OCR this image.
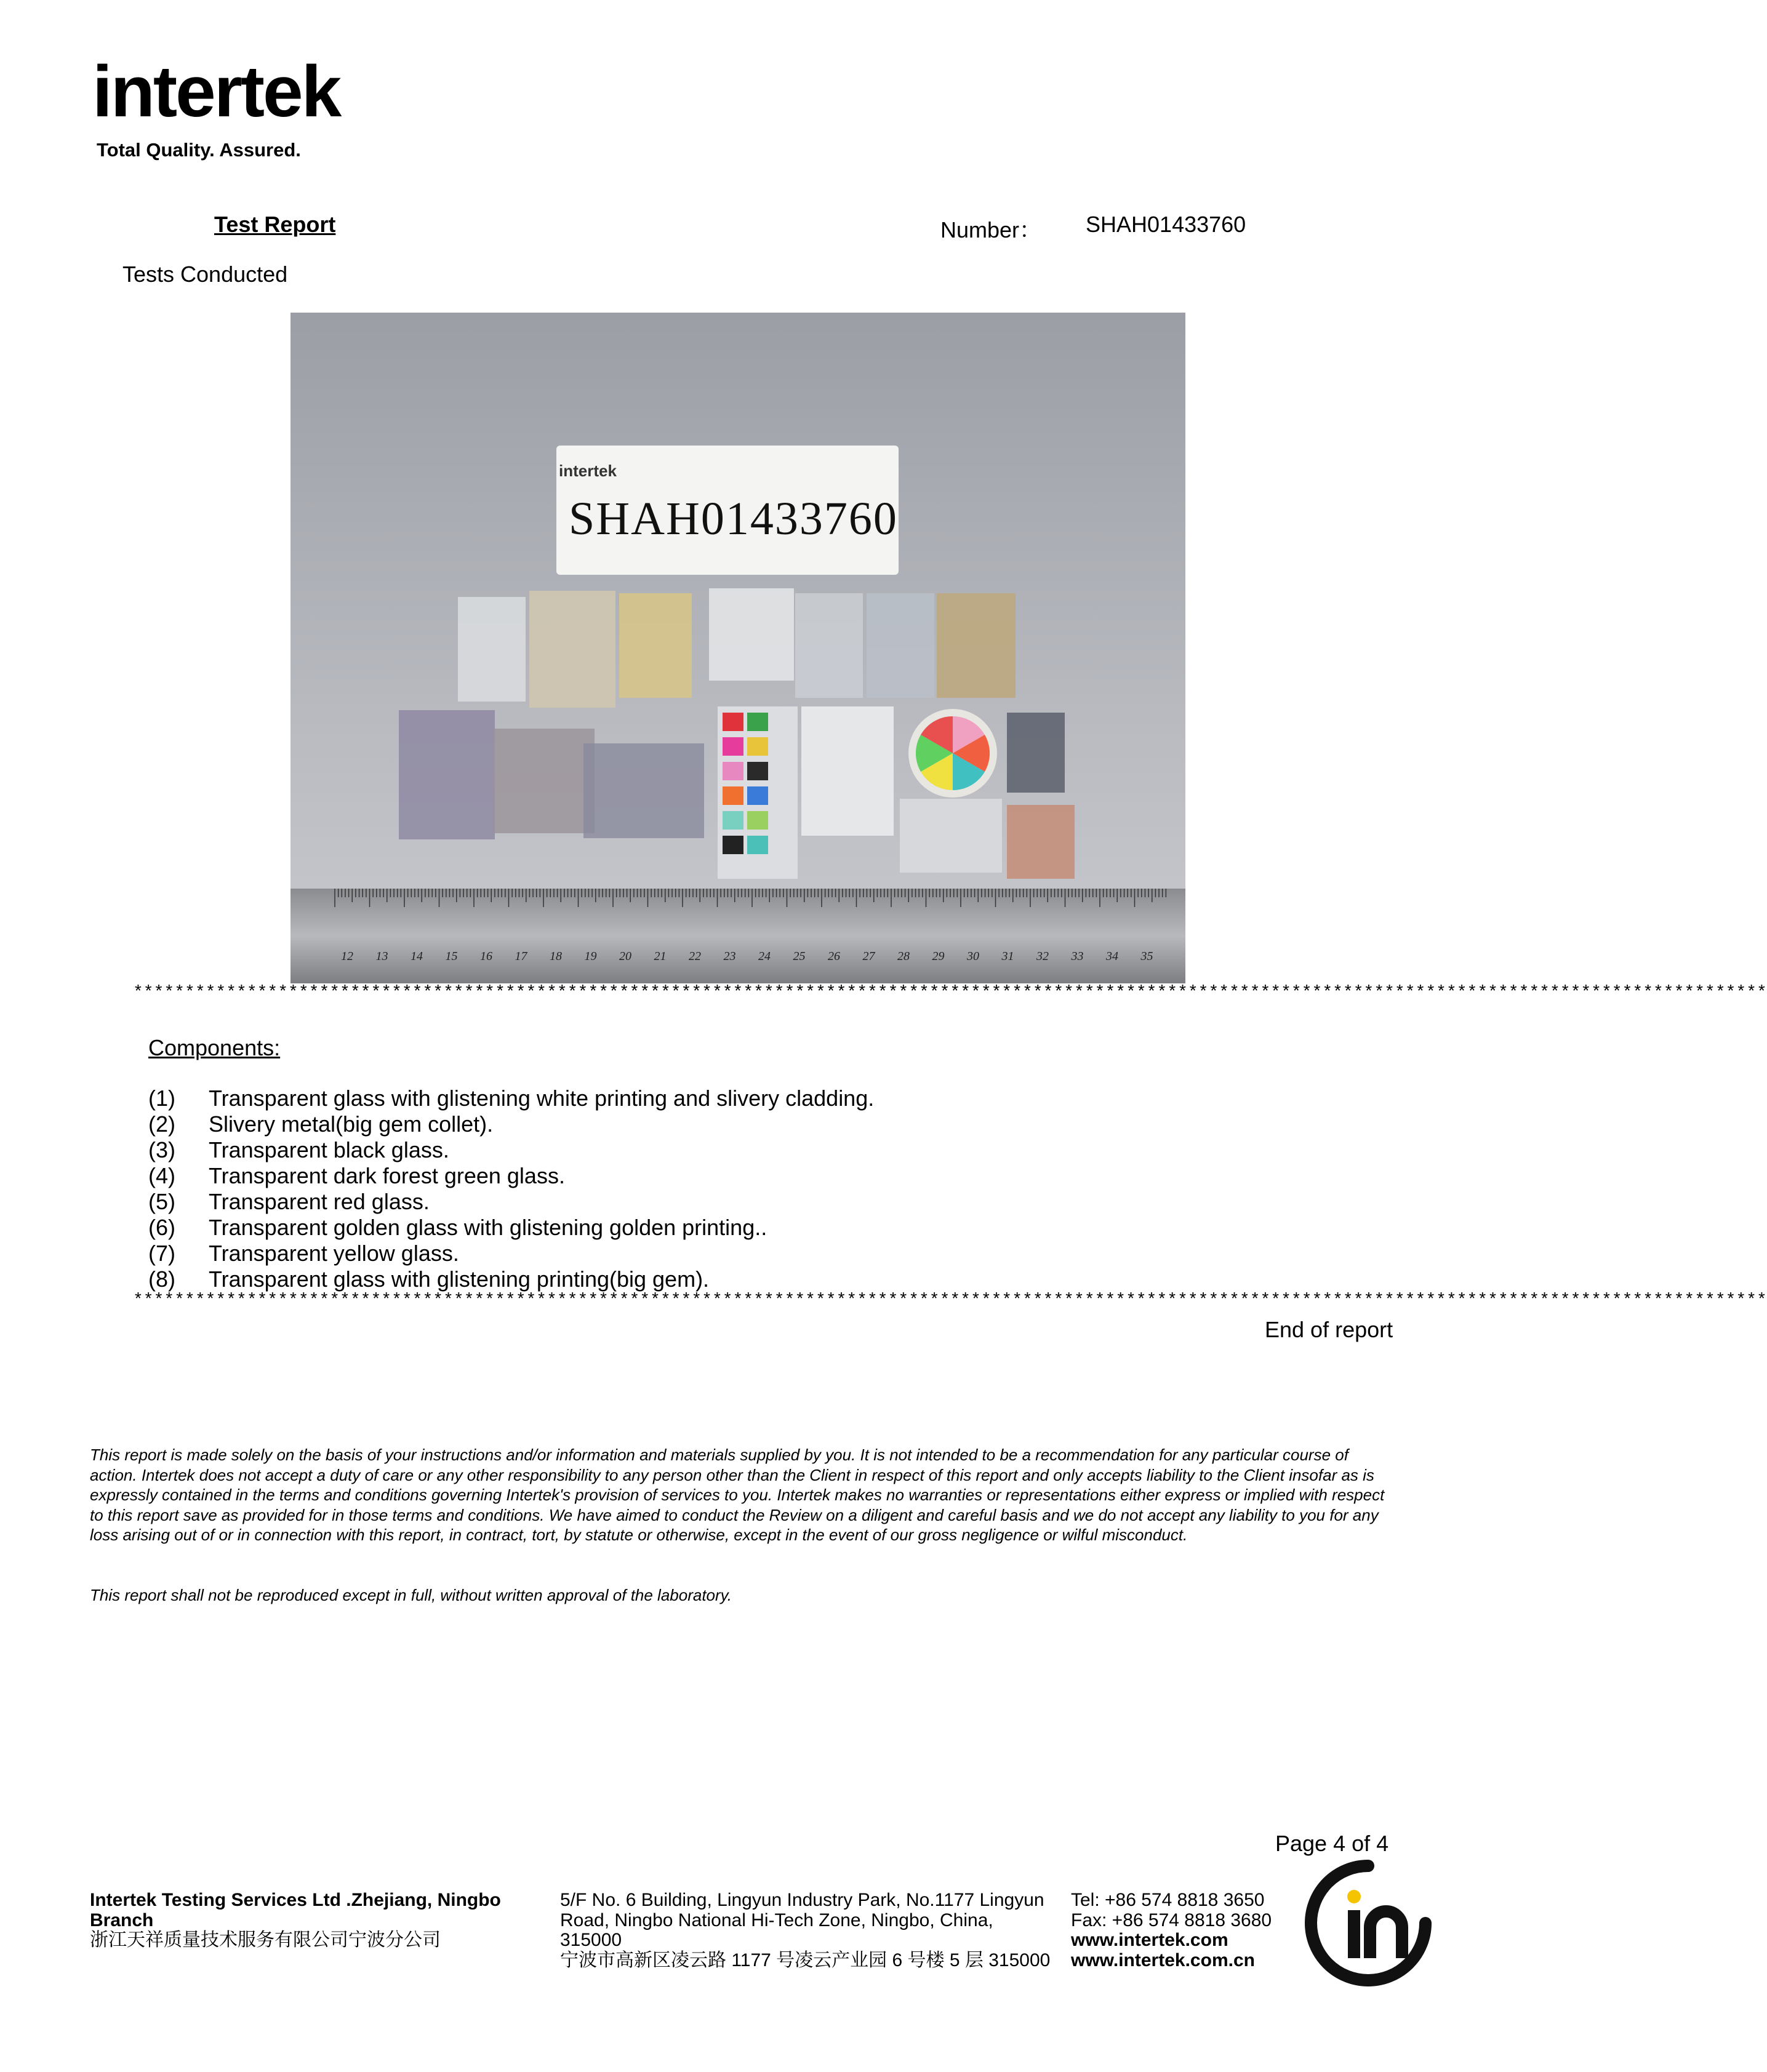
intertek
Total Quality. Assured.
Test Report	Number： SHAH01433760
Tests Conducted
intertek
SHAH01433760
12 13 14 15 16 17 18 19 20 21 22 23 24 25 26 27 28 29 30 31 32 33 34 35
**************************************************************************************************************************************************************
Components:
(1) Transparent glass with glistening white printing and slivery cladding.
(2) Slivery metal(big gem collet).
(3) Transparent black glass.
(4) Transparent dark forest green glass.
(5) Transparent red glass.
(6) Transparent golden glass with glistening golden printing..
(7) Transparent yellow glass.
(8) Transparent glass with glistening printing(big gem).
**************************************************************************************************************************************************************
End of report
This report is made solely on the basis of your instructions and/or information and materials supplied by you. It is not intended to be a recommendation for any particular course of action. Intertek does not accept a duty of care or any other responsibility to any person other than the Client in respect of this report and only accepts liability to the Client insofar as is expressly contained in the terms and conditions governing Intertek's provision of services to you. Intertek makes no warranties or representations either express or implied with respect to this report save as provided for in those terms and conditions. We have aimed to conduct the Review on a diligent and careful basis and we do not accept any liability to you for any loss arising out of or in connection with this report, in contract, tort, by statute or otherwise, except in the event of our gross negligence or wilful misconduct.
This report shall not be reproduced except in full, without written approval of the laboratory.
Page 4 of 4
Intertek Testing Services Ltd .Zhejiang, Ningbo Branch
浙江天祥质量技术服务有限公司宁波分公司
5/F No. 6 Building, Lingyun Industry Park, No.1177 Lingyun Road, Ningbo National Hi-Tech Zone, Ningbo, China, 315000
宁波市高新区凌云路 1177 号凌云产业园 6 号楼 5 层 315000
Tel: +86 574 8818 3650
Fax: +86 574 8818 3680
www.intertek.com
www.intertek.com.cn
